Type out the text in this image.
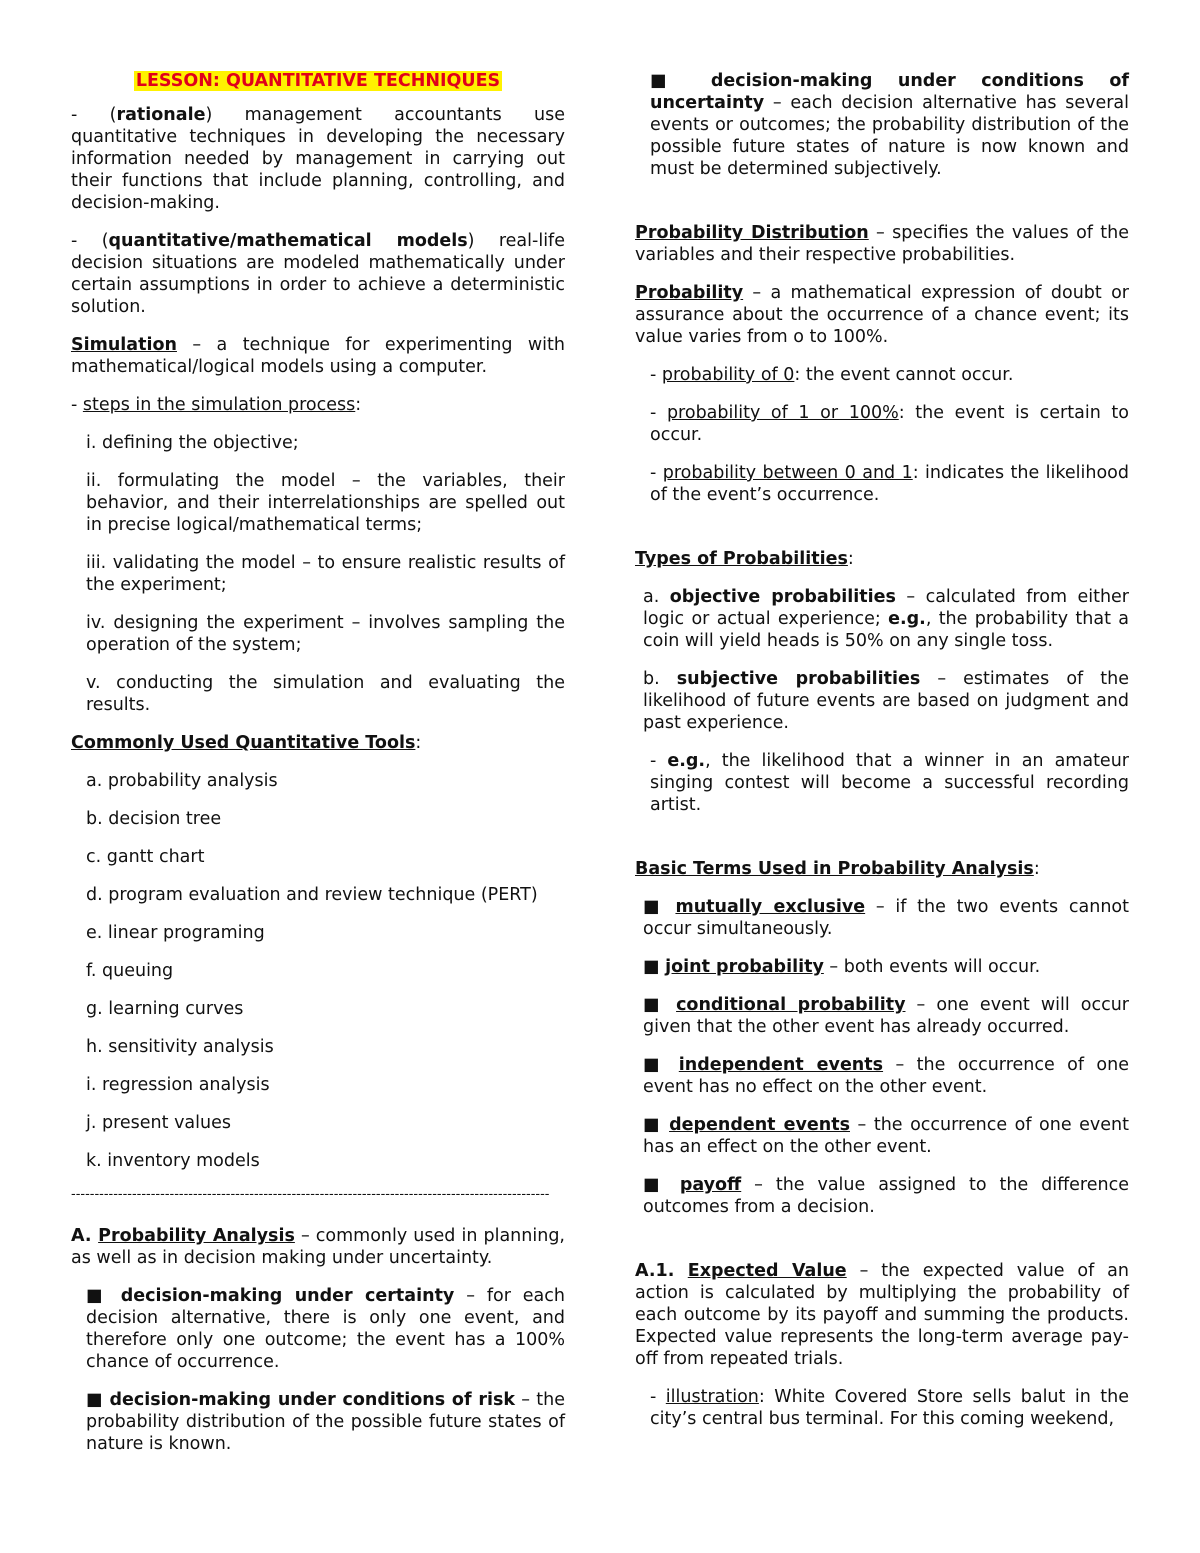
LESSON: QUANTITATIVE TECHNIQUES

- (rationale) management accountants use quantitative techniques in developing the necessary information needed by management in carrying out their functions that include planning, controlling, and decision-making.

- (quantitative/mathematical models) real-life decision situations are modeled mathematically under certain assumptions in order to achieve a deterministic solution.

Simulation – a technique for experimenting with mathematical/logical models using a computer.

- steps in the simulation process:

i. defining the objective;

ii. formulating the model – the variables, their behavior, and their interrelationships are spelled out in precise logical/mathematical terms;

iii. validating the model – to ensure realistic results of the experiment;

iv. designing the experiment – involves sampling the operation of the system;

v. conducting the simulation and evaluating the results.

Commonly Used Quantitative Tools:

a. probability analysis

b. decision tree

c. gantt chart

d. program evaluation and review technique (PERT)

e. linear programing

f. queuing

g. learning curves

h. sensitivity analysis

i. regression analysis

j. present values

k. inventory models

------------------------------------------------------------------------------------------------------

A. Probability Analysis – commonly used in planning, as well as in decision making under uncertainty.

■ decision-making under certainty – for each decision alternative, there is only one event, and therefore only one outcome; the event has a 100% chance of occurrence.

■ decision-making under conditions of risk – the probability distribution of the possible future states of nature is known.

■ decision-making under conditions of uncertainty – each decision alternative has several events or outcomes; the probability distribution of the possible future states of nature is now known and must be determined subjectively.

Probability Distribution – specifies the values of the variables and their respective probabilities.

Probability – a mathematical expression of doubt or assurance about the occurrence of a chance event; its value varies from o to 100%.

- probability of 0: the event cannot occur.

- probability of 1 or 100%: the event is certain to occur.

- probability between 0 and 1: indicates the likelihood of the event’s occurrence.

Types of Probabilities:

a. objective probabilities – calculated from either logic or actual experience; e.g., the probability that a coin will yield heads is 50% on any single toss.

b. subjective probabilities – estimates of the likelihood of future events are based on judgment and past experience.

- e.g., the likelihood that a winner in an amateur singing contest will become a successful recording artist.

Basic Terms Used in Probability Analysis:

■ mutually exclusive – if the two events cannot occur simultaneously.

■ joint probability – both events will occur.

■ conditional probability – one event will occur given that the other event has already occurred.

■ independent events – the occurrence of one event has no effect on the other event.

■ dependent events – the occurrence of one event has an effect on the other event.

■ payoff – the value assigned to the difference outcomes from a decision.

A.1. Expected Value – the expected value of an action is calculated by multiplying the probability of each outcome by its payoff and summing the products. Expected value represents the long-term average pay-off from repeated trials.

- illustration: White Covered Store sells balut in the city’s central bus terminal. For this coming weekend,
